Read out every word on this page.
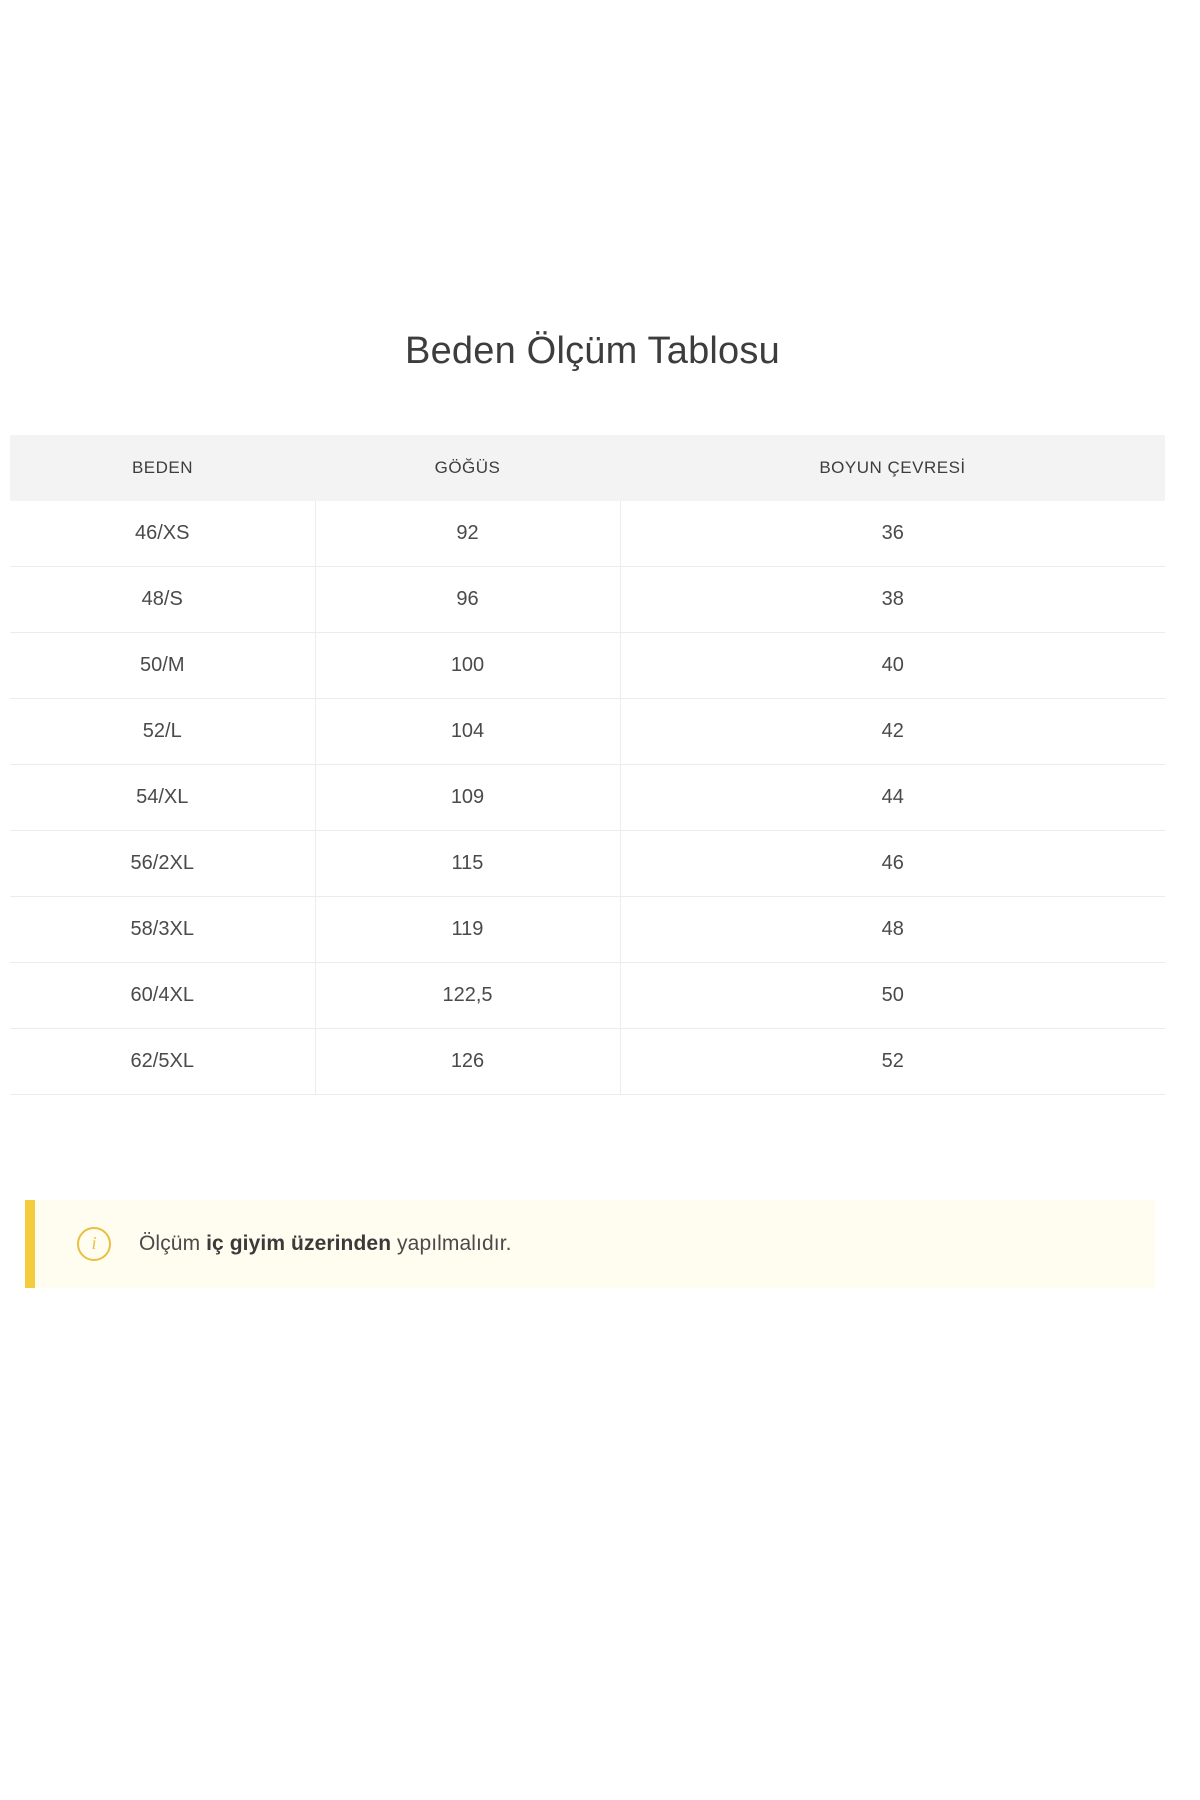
Beden Ölçüm Tablosu
BEDEN	GÖĞÜS	BOYUN ÇEVRESİ
46/XS	92	36
48/S	96	38
50/M	100	40
52/L	104	42
54/XL	109	44
56/2XL	115	46
58/3XL	119	48
60/4XL	122,5	50
62/5XL	126	52
i	Ölçüm iç giyim üzerinden yapılmalıdır.
